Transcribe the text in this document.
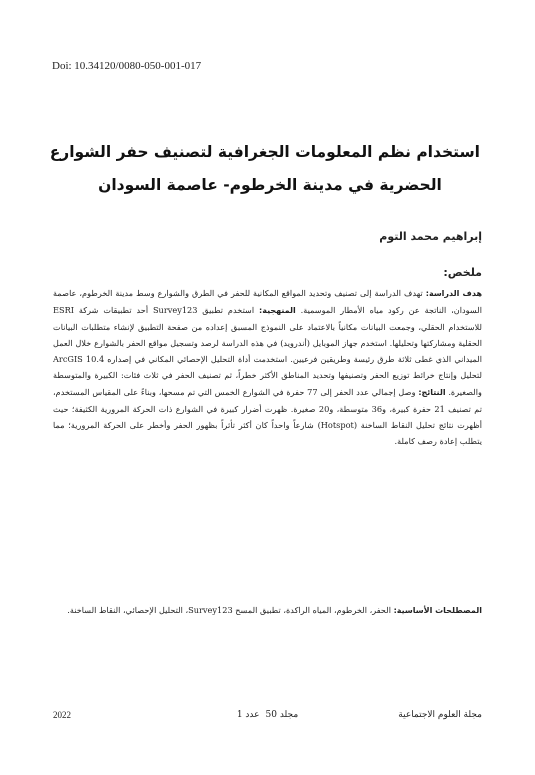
Doi: 10.34120/0080-050-001-017
استخدام نظم المعلومات الجغرافية لتصنيف حفر الشوارع
الحضرية في مدينة الخرطوم- عاصمة السودان
إبراهيم محمد التوم
ملخص:
هدف الدراسة: تهدف الدراسة إلى تصنيف وتحديد المواقع المكانية للحفر في الطرق والشوارع وسط مدينة الخرطوم، عاصمة السودان، الناتجة عن ركود مياه الأمطار الموسمية. المنهجية: استخدم تطبيق Survey123 أحد تطبيقات شركة ESRI للاستخدام الحقلي، وجمعت البيانات مكانياً بالاعتماد على النموذج المسبق إعداده من صفحة التطبيق لإنشاء متطلبات البيانات الحقلية ومشاركتها وتحليلها. استخدم جهاز الموبايل (أندرويد) في هذه الدراسة لرصد وتسجيل مواقع الحفر بالشوارع خلال العمل الميداني الذي غطى ثلاثة طرق رئيسة وطريقين فرعيين. استخدمت أداة التحليل الإحصائي المكاني في إصداره ArcGIS 10.4 لتحليل وإنتاج خرائط توزيع الحفر وتصنيفها وتحديد المناطق الأكثر خطراً، ثم تصنيف الحفر في ثلاث فئات: الكبيرة والمتوسطة والصغيرة. النتائج: وصل إجمالي عدد الحفر إلى 77 حفرة في الشوارع الخمس التي تم مسحها، وبناءً على المقياس المستخدم، تم تصنيف 21 حفرة كبيرة، و36 متوسطة، و20 صغيرة. ظهرت أضرار كبيرة في الشوارع ذات الحركة المرورية الكثيفة؛ حيث أظهرت نتائج تحليل النقاط الساخنة (Hotspot) شارعاً واحداً كان أكثر تأثراً بظهور الحفر وأخطر على الحركة المرورية؛ مما يتطلب إعادة رصف كاملة.
المصطلحات الأساسية: الحفر، الخرطوم، المياه الراكدة، تطبيق المسح Survey123، التحليل الإحصائي، النقاط الساخنة.
مجلة العلوم الاجتماعية
مجلد 50عدد 1
2022
